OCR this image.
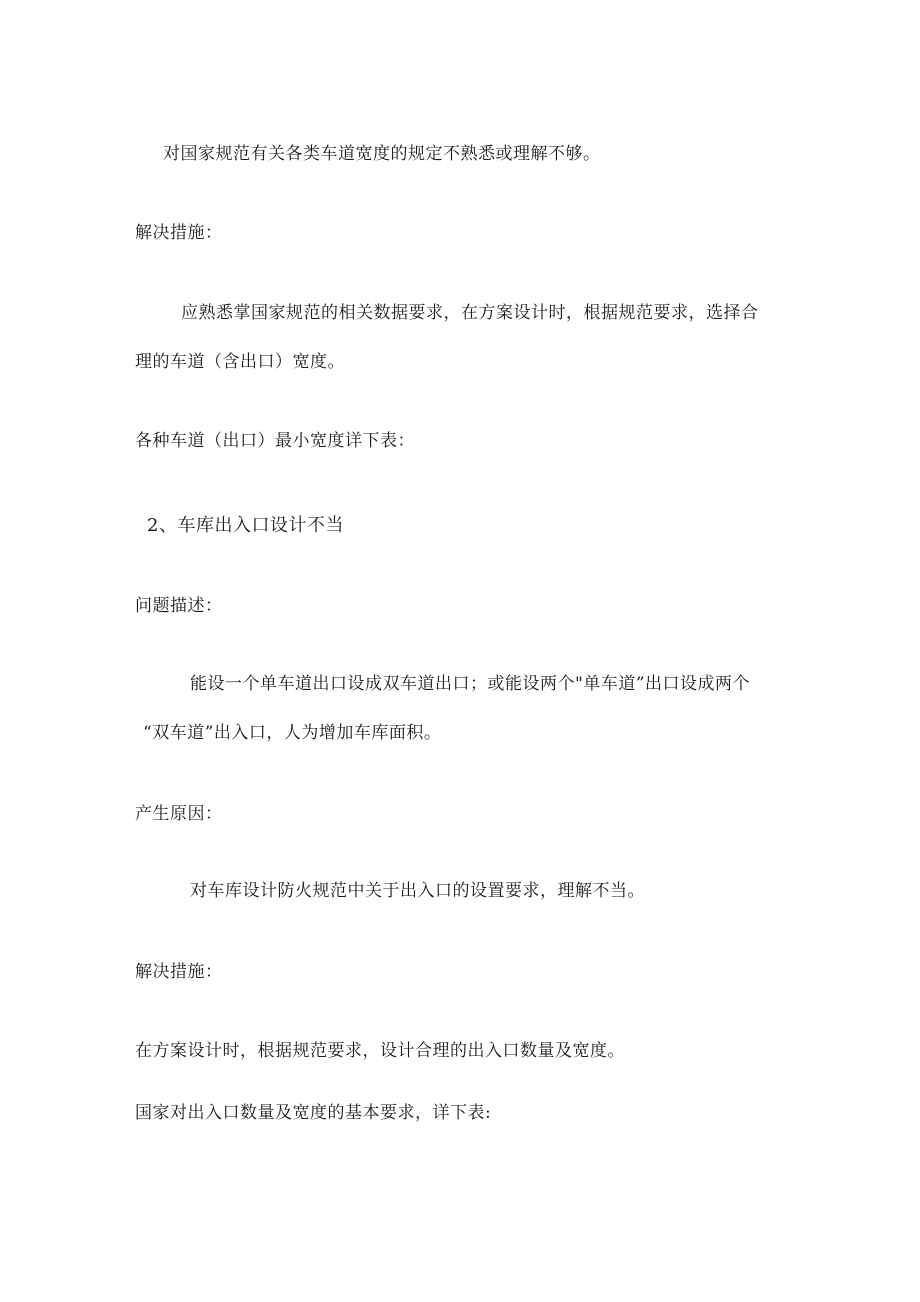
对国家规范有关各类车道宽度的规定不熟悉或理解不够。

解决措施：

应熟悉掌国家规范的相关数据要求，在方案设计时，根据规范要求，选择合

理的车道（含出口）宽度。

各种车道（出口）最小宽度详下表：

2、车库出入口设计不当

问题描述：

能设一个单车道出口设成双车道出口；或能设两个"单车道”出口设成两个

“双车道”出入口，人为增加车库面积。

产生原因：

对车库设计防火规范中关于出入口的设置要求，理解不当。

解决措施：

在方案设计时，根据规范要求，设计合理的出入口数量及宽度。

国家对出入口数量及宽度的基本要求，详下表:
